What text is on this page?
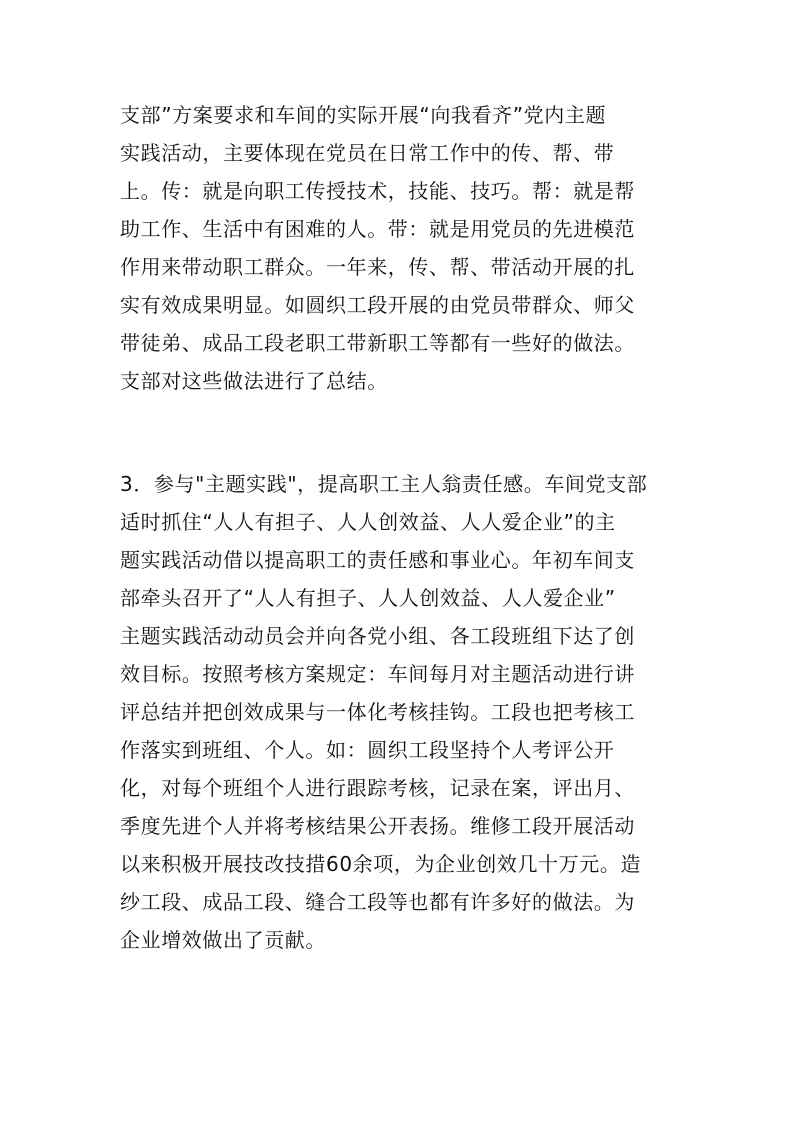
支部”方案要求和车间的实际开展“向我看齐”党内主题
实践活动，主要体现在党员在日常工作中的传、帮、带
上。传：就是向职工传授技术，技能、技巧。帮：就是帮
助工作、生活中有困难的人。带：就是用党员的先进模范
作用来带动职工群众。一年来，传、帮、带活动开展的扎
实有效成果明显。如圆织工段开展的由党员带群众、师父
带徒弟、成品工段老职工带新职工等都有一些好的做法。
支部对这些做法进行了总结。

3．参与"主题实践"，提高职工主人翁责任感。车间党支部
适时抓住“人人有担子、人人创效益、人人爱企业”的主
题实践活动借以提高职工的责任感和事业心。年初车间支
部牵头召开了“人人有担子、人人创效益、人人爱企业”
主题实践活动动员会并向各党小组、各工段班组下达了创
效目标。按照考核方案规定：车间每月对主题活动进行讲
评总结并把创效成果与一体化考核挂钩。工段也把考核工
作落实到班组、个人。如：圆织工段坚持个人考评公开
化，对每个班组个人进行跟踪考核，记录在案，评出月、
季度先进个人并将考核结果公开表扬。维修工段开展活动
以来积极开展技改技措60余项，为企业创效几十万元。造
纱工段、成品工段、缝合工段等也都有许多好的做法。为
企业增效做出了贡献。
